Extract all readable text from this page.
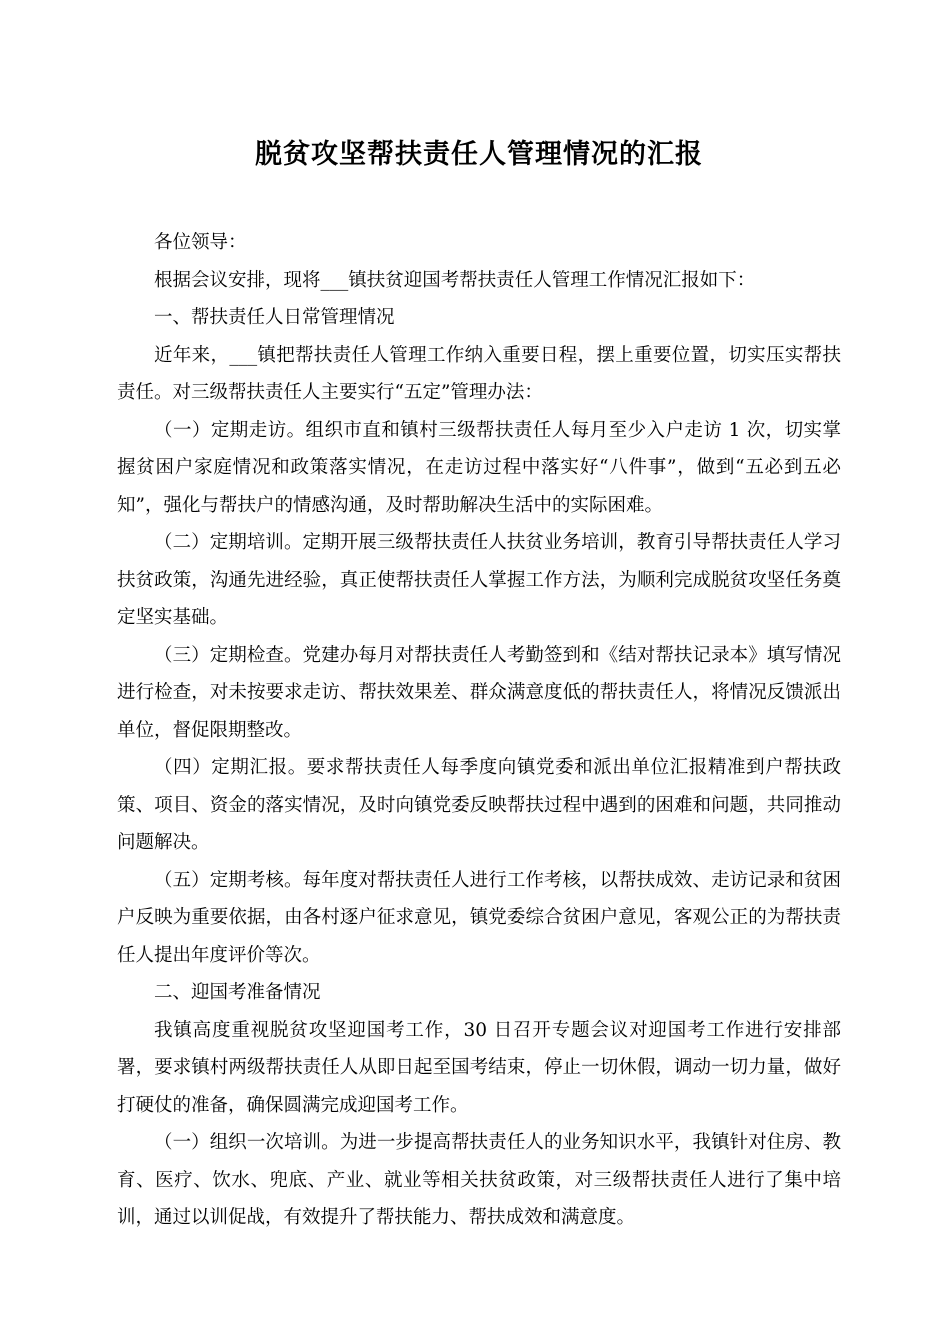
脱贫攻坚帮扶责任人管理情况的汇报

各位领导：

根据会议安排，现将___镇扶贫迎国考帮扶责任人管理工作情况汇报如下：

一、帮扶责任人日常管理情况

近年来，___镇把帮扶责任人管理工作纳入重要日程，摆上重要位置，切实压实帮扶责任。对三级帮扶责任人主要实行“五定”管理办法：

（一）定期走访。组织市直和镇村三级帮扶责任人每月至少入户走访 1 次，切实掌握贫困户家庭情况和政策落实情况，在走访过程中落实好“八件事”，做到“五必到五必知”，强化与帮扶户的情感沟通，及时帮助解决生活中的实际困难。

（二）定期培训。定期开展三级帮扶责任人扶贫业务培训，教育引导帮扶责任人学习扶贫政策，沟通先进经验，真正使帮扶责任人掌握工作方法，为顺利完成脱贫攻坚任务奠定坚实基础。

（三）定期检查。党建办每月对帮扶责任人考勤签到和《结对帮扶记录本》填写情况进行检查，对未按要求走访、帮扶效果差、群众满意度低的帮扶责任人，将情况反馈派出单位，督促限期整改。

（四）定期汇报。要求帮扶责任人每季度向镇党委和派出单位汇报精准到户帮扶政策、项目、资金的落实情况，及时向镇党委反映帮扶过程中遇到的困难和问题，共同推动问题解决。

（五）定期考核。每年度对帮扶责任人进行工作考核，以帮扶成效、走访记录和贫困户反映为重要依据，由各村逐户征求意见，镇党委综合贫困户意见，客观公正的为帮扶责任人提出年度评价等次。

二、迎国考准备情况

我镇高度重视脱贫攻坚迎国考工作，30 日召开专题会议对迎国考工作进行安排部署，要求镇村两级帮扶责任人从即日起至国考结束，停止一切休假，调动一切力量，做好打硬仗的准备，确保圆满完成迎国考工作。

（一）组织一次培训。为进一步提高帮扶责任人的业务知识水平，我镇针对住房、教育、医疗、饮水、兜底、产业、就业等相关扶贫政策，对三级帮扶责任人进行了集中培训，通过以训促战，有效提升了帮扶能力、帮扶成效和满意度。
